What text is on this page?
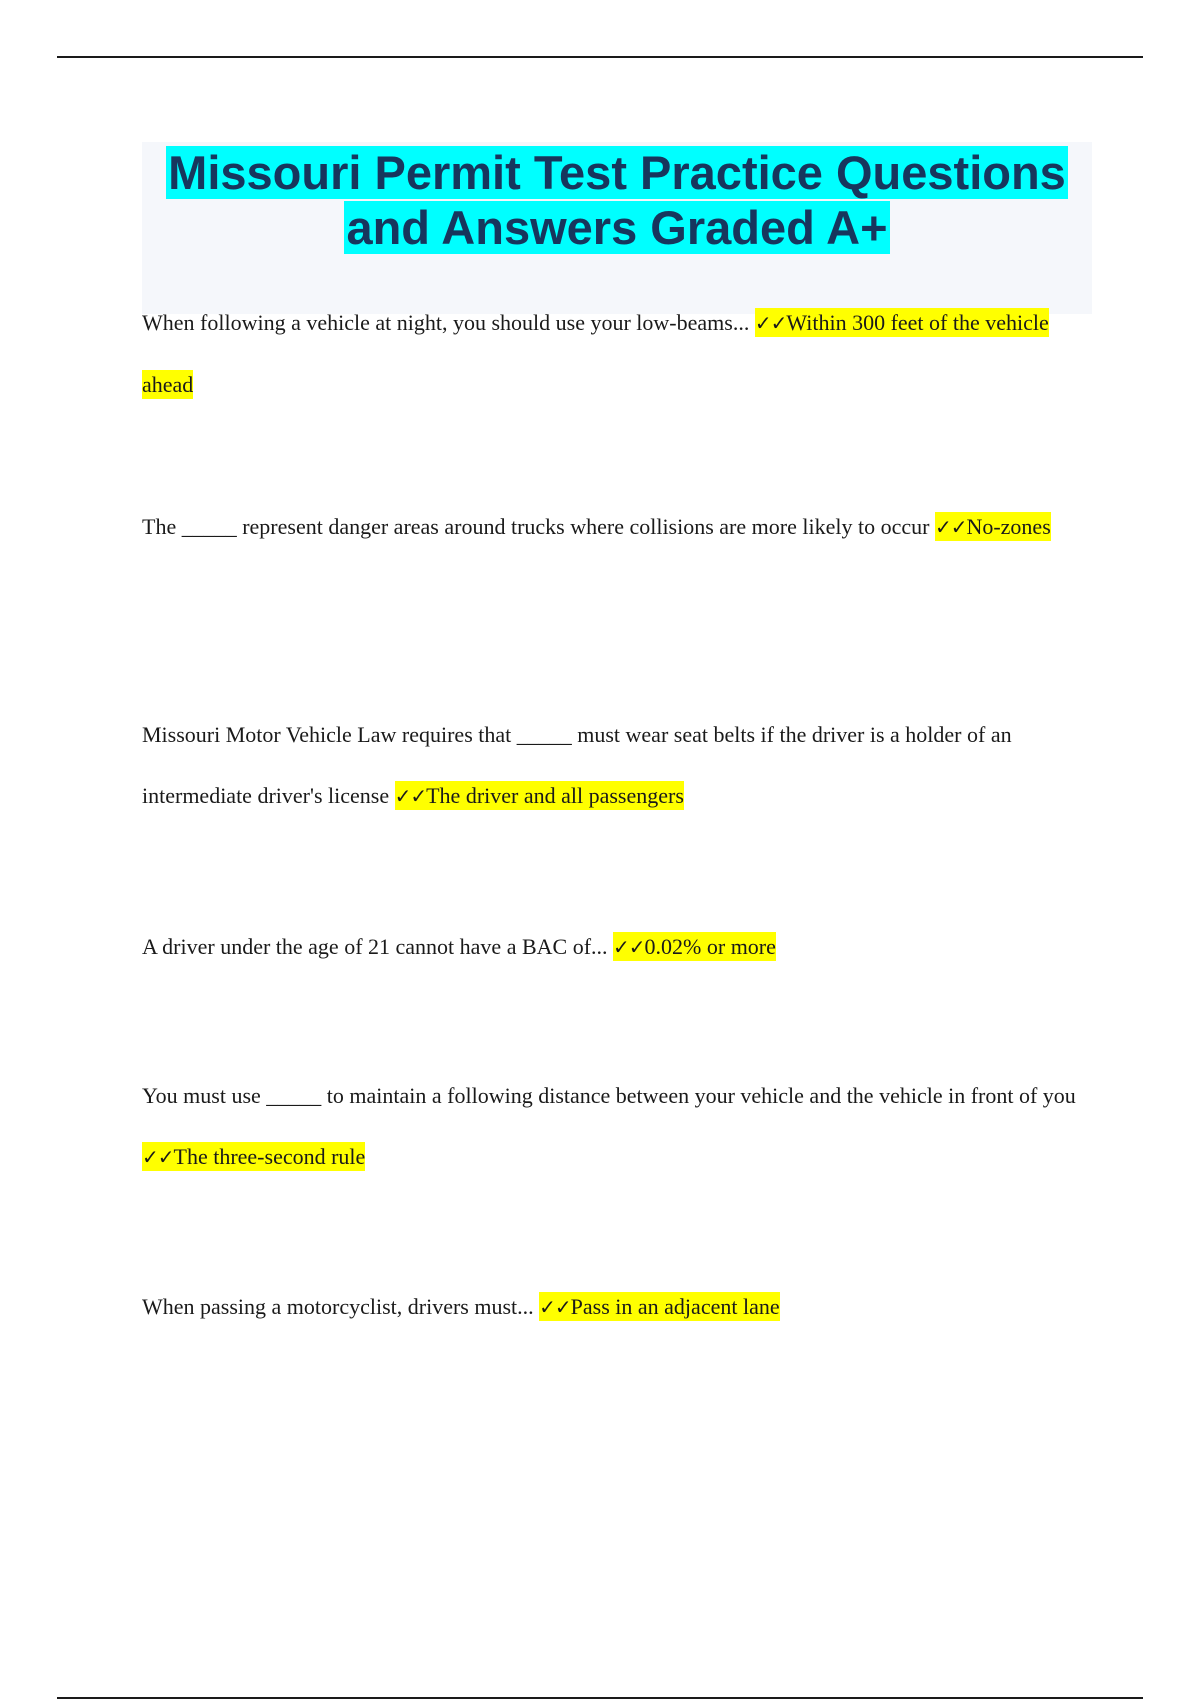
Missouri Permit Test Practice Questions and Answers Graded A+

When following a vehicle at night, you should use your low-beams... ✓✓Within 300 feet of the vehicle ahead

The _____ represent danger areas around trucks where collisions are more likely to occur ✓✓No-zones

Missouri Motor Vehicle Law requires that _____ must wear seat belts if the driver is a holder of an intermediate driver's license ✓✓The driver and all passengers

A driver under the age of 21 cannot have a BAC of... ✓✓0.02% or more

You must use _____ to maintain a following distance between your vehicle and the vehicle in front of you ✓✓The three-second rule

When passing a motorcyclist, drivers must... ✓✓Pass in an adjacent lane
